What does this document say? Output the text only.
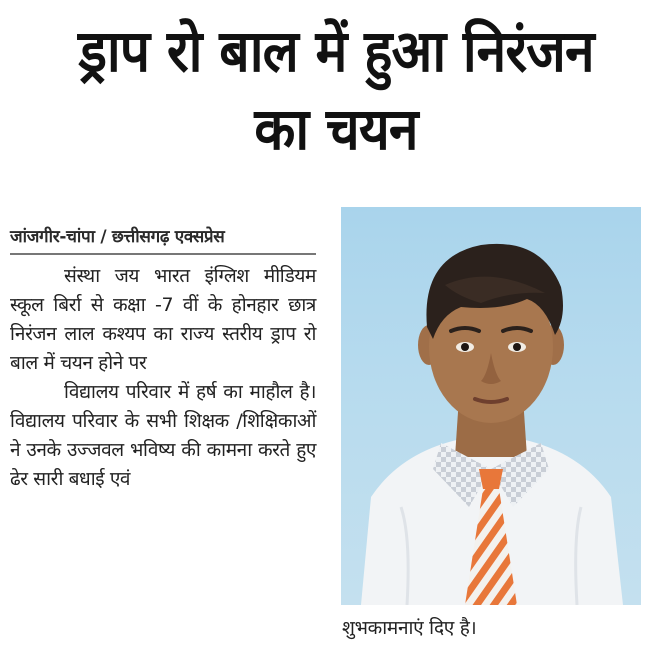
ड्राप रो बाल में हुआ निरंजन
का चयन
जांजगीर-चांपा / छत्तीसगढ़ एक्सप्रेस

संस्था जय भारत इंग्लिश मीडियम स्कूल बिर्रा से कक्षा -7 वीं के होनहार छात्र निरंजन लाल कश्यप का राज्य स्तरीय ड्राप रो बाल में चयन होने पर

विद्यालय परिवार में हर्ष का माहौल है। विद्यालय परिवार के सभी शिक्षक /शिक्षिकाओं ने उनके उज्जवल भविष्य की कामना करते हुए ढेर सारी बधाई एवं

शुभकामनाएं दिए है।
